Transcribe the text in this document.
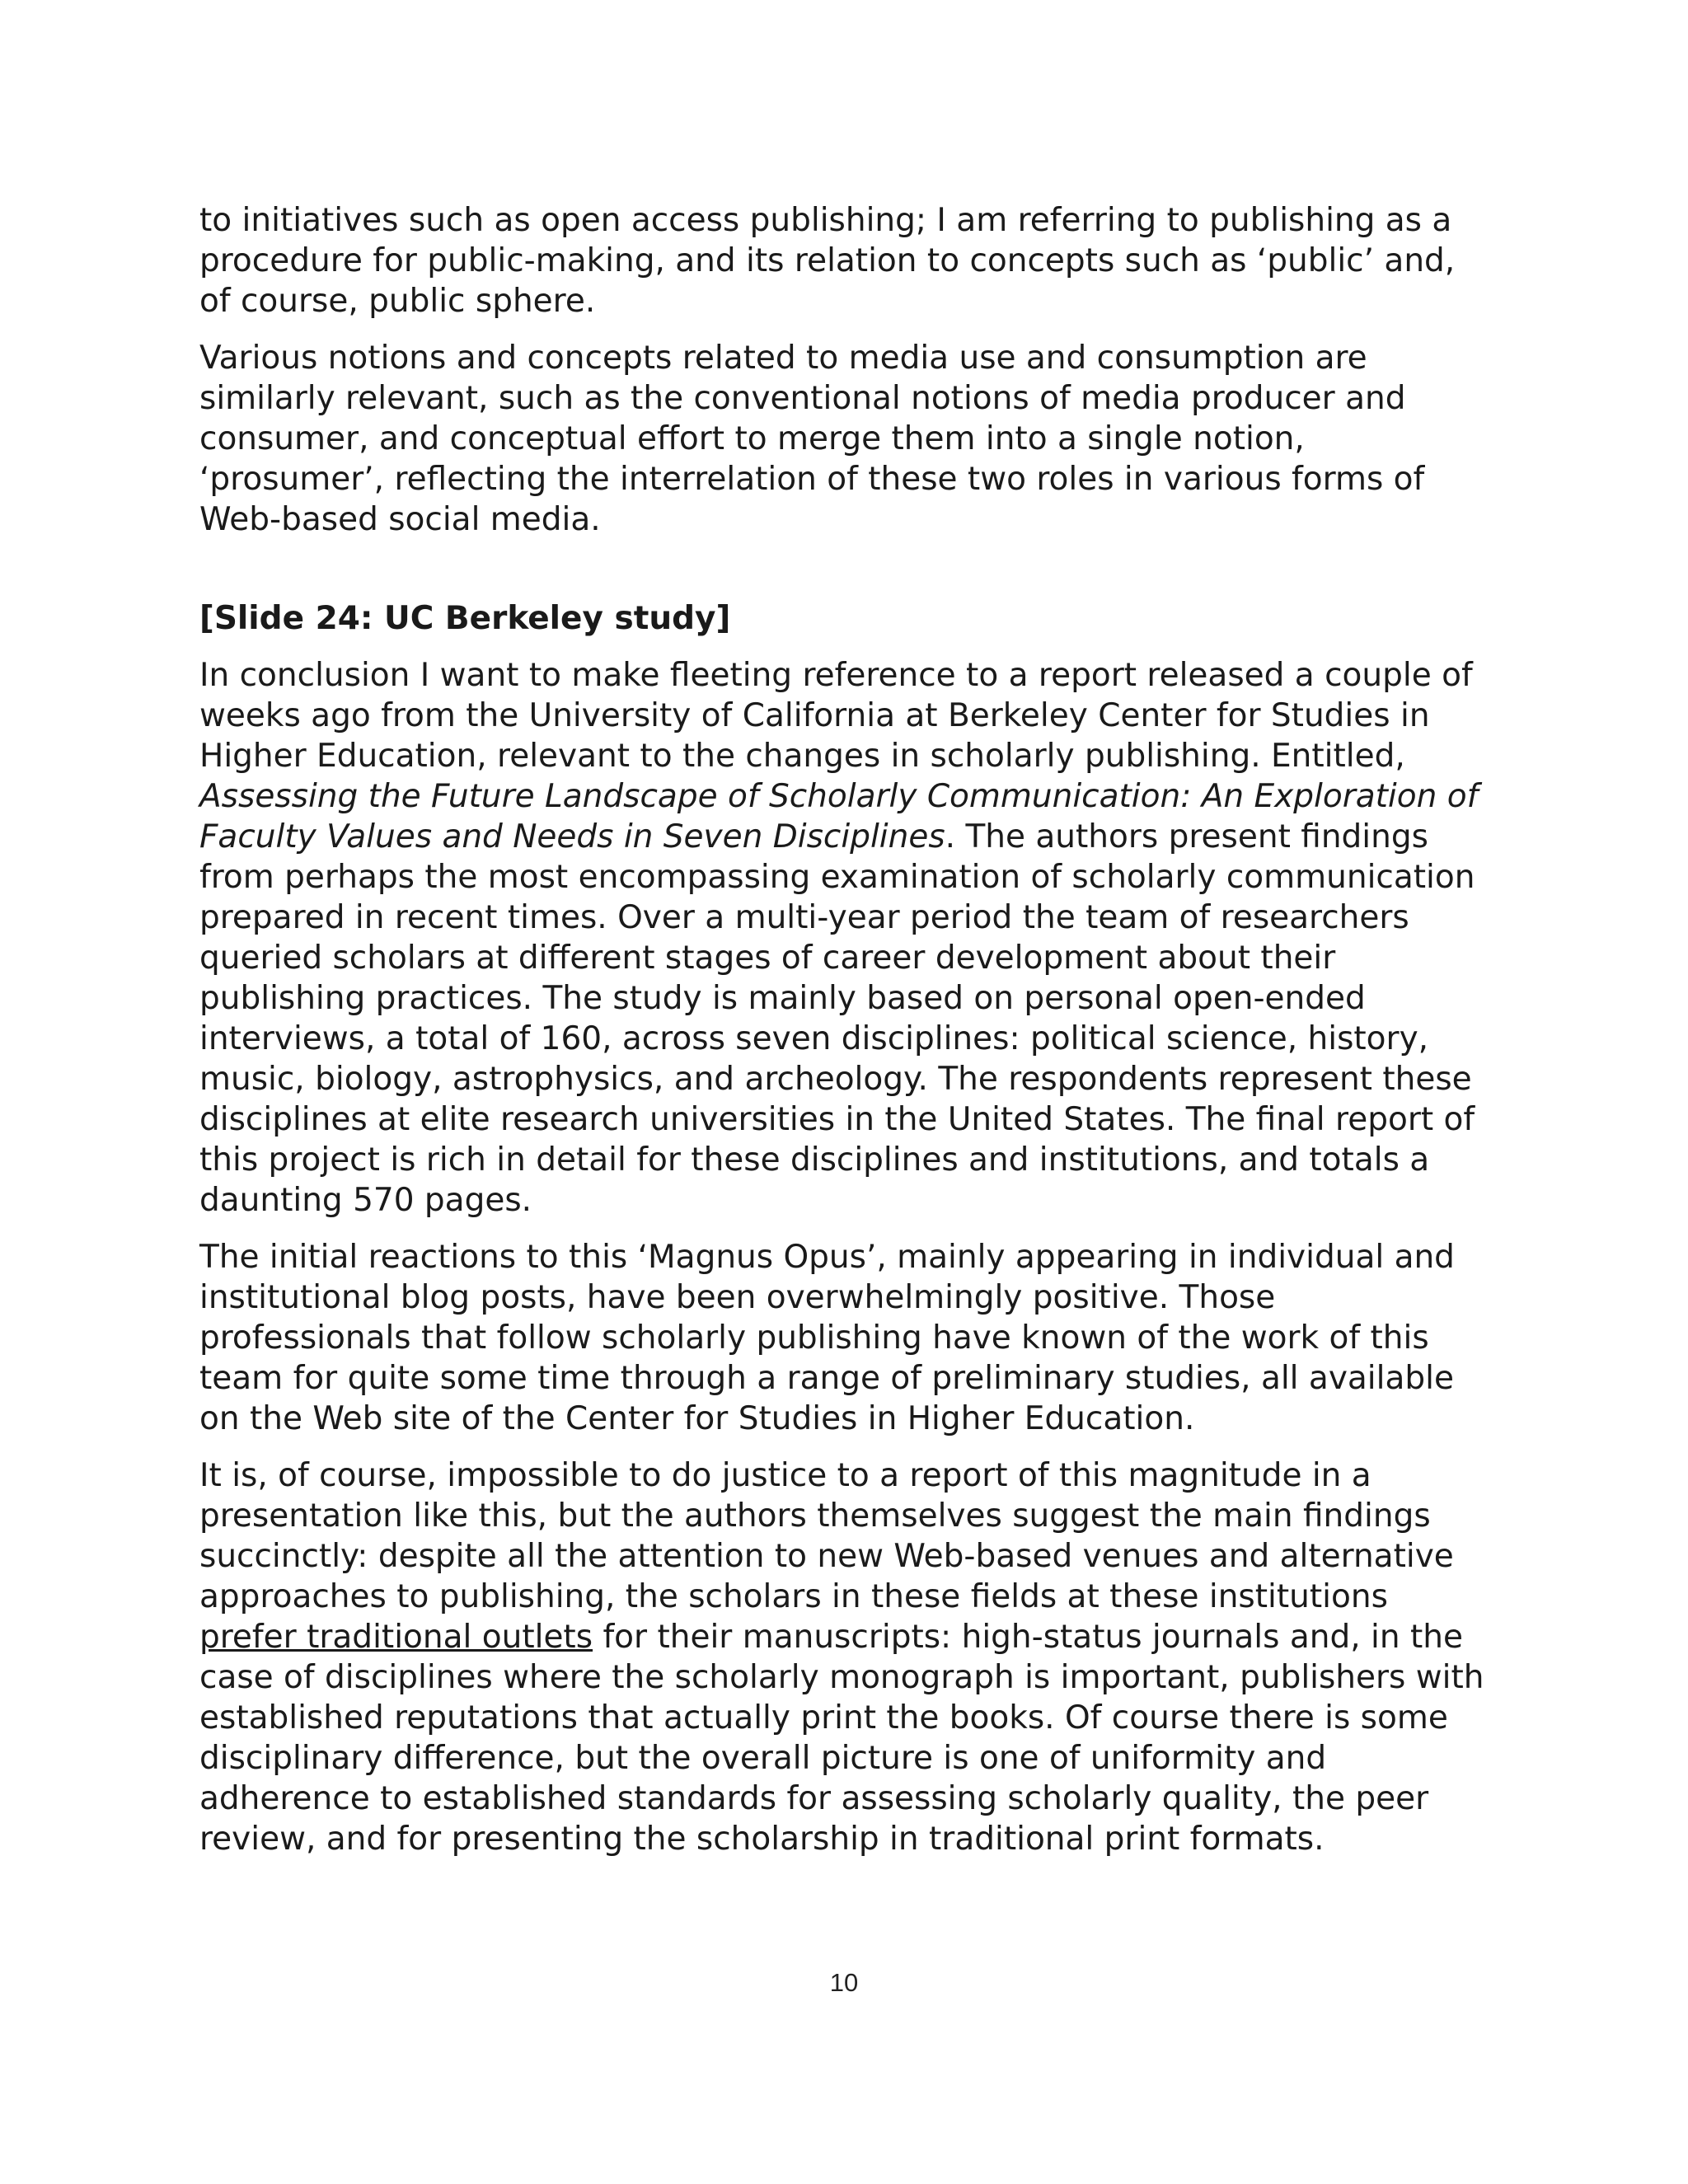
to initiatives such as open access publishing; I am referring to publishing as a procedure for public-making, and its relation to concepts such as ‘public’ and, of course, public sphere.

Various notions and concepts related to media use and consumption are similarly relevant, such as the conventional notions of media producer and consumer, and conceptual effort to merge them into a single notion, ‘prosumer’, reflecting the interrelation of these two roles in various forms of Web-based social media.

[Slide 24: UC Berkeley study]

In conclusion I want to make fleeting reference to a report released a couple of weeks ago from the University of California at Berkeley Center for Studies in Higher Education, relevant to the changes in scholarly publishing. Entitled, Assessing the Future Landscape of Scholarly Communication: An Exploration of Faculty Values and Needs in Seven Disciplines. The authors present findings from perhaps the most encompassing examination of scholarly communication prepared in recent times. Over a multi-year period the team of researchers queried scholars at different stages of career development about their publishing practices. The study is mainly based on personal open-ended interviews, a total of 160, across seven disciplines: political science, history, music, biology, astrophysics, and archeology. The respondents represent these disciplines at elite research universities in the United States. The final report of this project is rich in detail for these disciplines and institutions, and totals a daunting 570 pages.

The initial reactions to this ‘Magnus Opus’, mainly appearing in individual and institutional blog posts, have been overwhelmingly positive. Those professionals that follow scholarly publishing have known of the work of this team for quite some time through a range of preliminary studies, all available on the Web site of the Center for Studies in Higher Education.

It is, of course, impossible to do justice to a report of this magnitude in a presentation like this, but the authors themselves suggest the main findings succinctly: despite all the attention to new Web-based venues and alternative approaches to publishing, the scholars in these fields at these institutions prefer traditional outlets for their manuscripts: high-status journals and, in the case of disciplines where the scholarly monograph is important, publishers with established reputations that actually print the books. Of course there is some disciplinary difference, but the overall picture is one of uniformity and adherence to established standards for assessing scholarly quality, the peer review, and for presenting the scholarship in traditional print formats.

10
